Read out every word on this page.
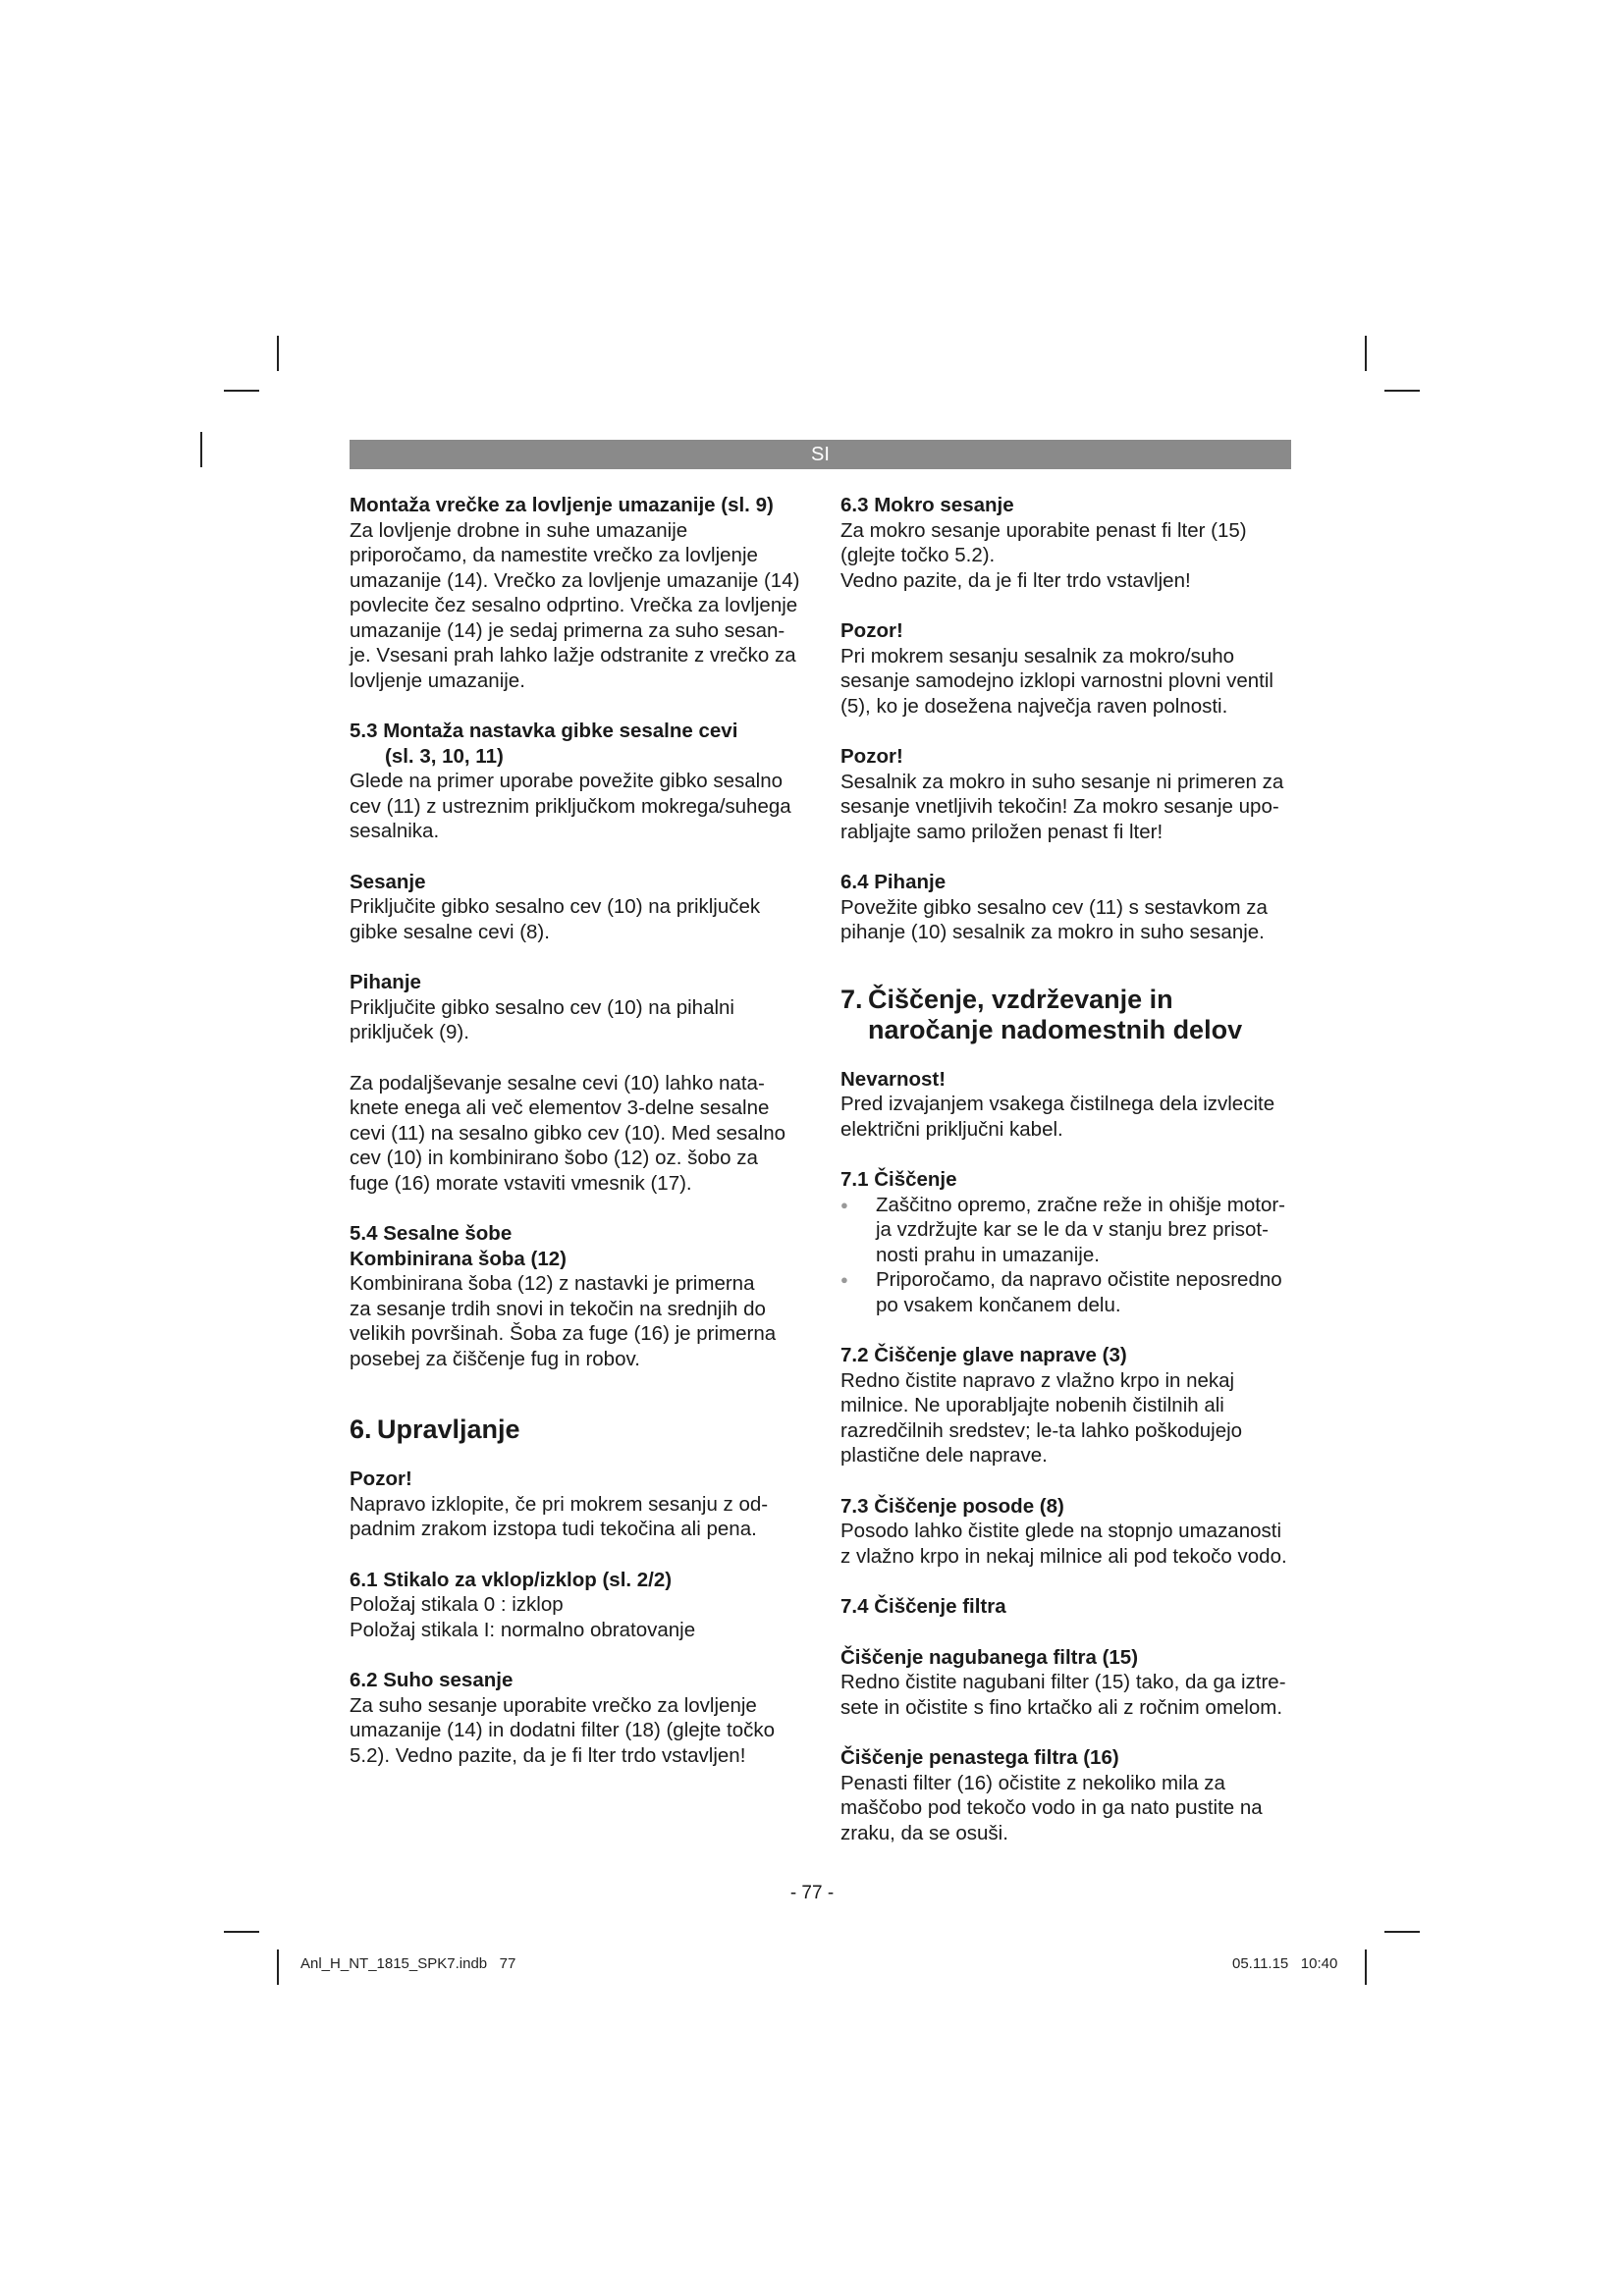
SI

Montaža vrečke za lovljenje umazanije (sl. 9)

Za lovljenje drobne in suhe umazanije

priporočamo, da namestite vrečko za lovljenje

umazanije (14). Vrečko za lovljenje umazanije (14)

povlecite čez sesalno odprtino. Vrečka za lovljenje

umazanije (14) je sedaj primerna za suho sesan-

je. Vsesani prah lahko lažje odstranite z vrečko za

lovljenje umazanije.

5.3 Montaža nastavka gibke sesalne cevi

(sl. 3, 10, 11)

Glede na primer uporabe povežite gibko sesalno

cev (11) z ustreznim priključkom mokrega/suhega

sesalnika.

Sesanje

Priključite gibko sesalno cev (10) na priključek

gibke sesalne cevi (8).

Pihanje

Priključite gibko sesalno cev (10) na pihalni

priključek (9).

Za podaljševanje sesalne cevi (10) lahko nata-

knete enega ali več elementov 3-delne sesalne

cevi (11) na sesalno gibko cev (10). Med sesalno

cev (10) in kombinirano šobo (12) oz. šobo za

fuge (16) morate vstaviti vmesnik (17).

5.4 Sesalne šobe

Kombinirana šoba (12)

Kombinirana šoba (12) z nastavki je primerna

za sesanje trdih snovi in tekočin na srednjih do

velikih površinah. Šoba za fuge (16) je primerna

posebej za čiščenje fug in robov.

6. Upravljanje

Pozor!

Napravo izklopite, če pri mokrem sesanju z od-

padnim zrakom izstopa tudi tekočina ali pena.

6.1 Stikalo za vklop/izklop (sl. 2/2)

Položaj stikala 0 : izklop

Položaj stikala I: normalno obratovanje

6.2 Suho sesanje

Za suho sesanje uporabite vrečko za lovljenje

umazanije (14) in dodatni filter (18) (glejte točko

5.2). Vedno pazite, da je fi lter trdo vstavljen!

6.3 Mokro sesanje

Za mokro sesanje uporabite penast fi lter (15)

(glejte točko 5.2).

Vedno pazite, da je fi lter trdo vstavljen!

Pozor!

Pri mokrem sesanju sesalnik za mokro/suho

sesanje samodejno izklopi varnostni plovni ventil

(5), ko je dosežena največja raven polnosti.

Pozor!

Sesalnik za mokro in suho sesanje ni primeren za

sesanje vnetljivih tekočin! Za mokro sesanje upo-

rabljajte samo priložen penast fi lter!

6.4 Pihanje

Povežite gibko sesalno cev (11) s sestavkom za

pihanje (10) sesalnik za mokro in suho sesanje.

7. Čiščenje, vzdrževanje in
naročanje nadomestnih delov

Nevarnost!

Pred izvajanjem vsakega čistilnega dela izvlecite

električni priključni kabel.

7.1 Čiščenje

● Zaščitno opremo, zračne reže in ohišje motor-
ja vzdržujte kar se le da v stanju brez prisot-
nosti prahu in umazanije.
● Priporočamo, da napravo očistite neposredno
po vsakem končanem delu.

7.2 Čiščenje glave naprave (3)

Redno čistite napravo z vlažno krpo in nekaj

milnice. Ne uporabljajte nobenih čistilnih ali

razredčilnih sredstev; le-ta lahko poškodujejo

plastične dele naprave.

7.3 Čiščenje posode (8)

Posodo lahko čistite glede na stopnjo umazanosti

z vlažno krpo in nekaj milnice ali pod tekočo vodo.

7.4 Čiščenje filtra

Čiščenje nagubanega filtra (15)

Redno čistite nagubani filter (15) tako, da ga iztre-

sete in očistite s fino krtačko ali z ročnim omelom.

Čiščenje penastega filtra (16)

Penasti filter (16) očistite z nekoliko mila za

maščobo pod tekočo vodo in ga nato pustite na

zraku, da se osuši.

- 77 -
Anl_H_NT_1815_SPK7.indb   77	05.11.15   10:40
